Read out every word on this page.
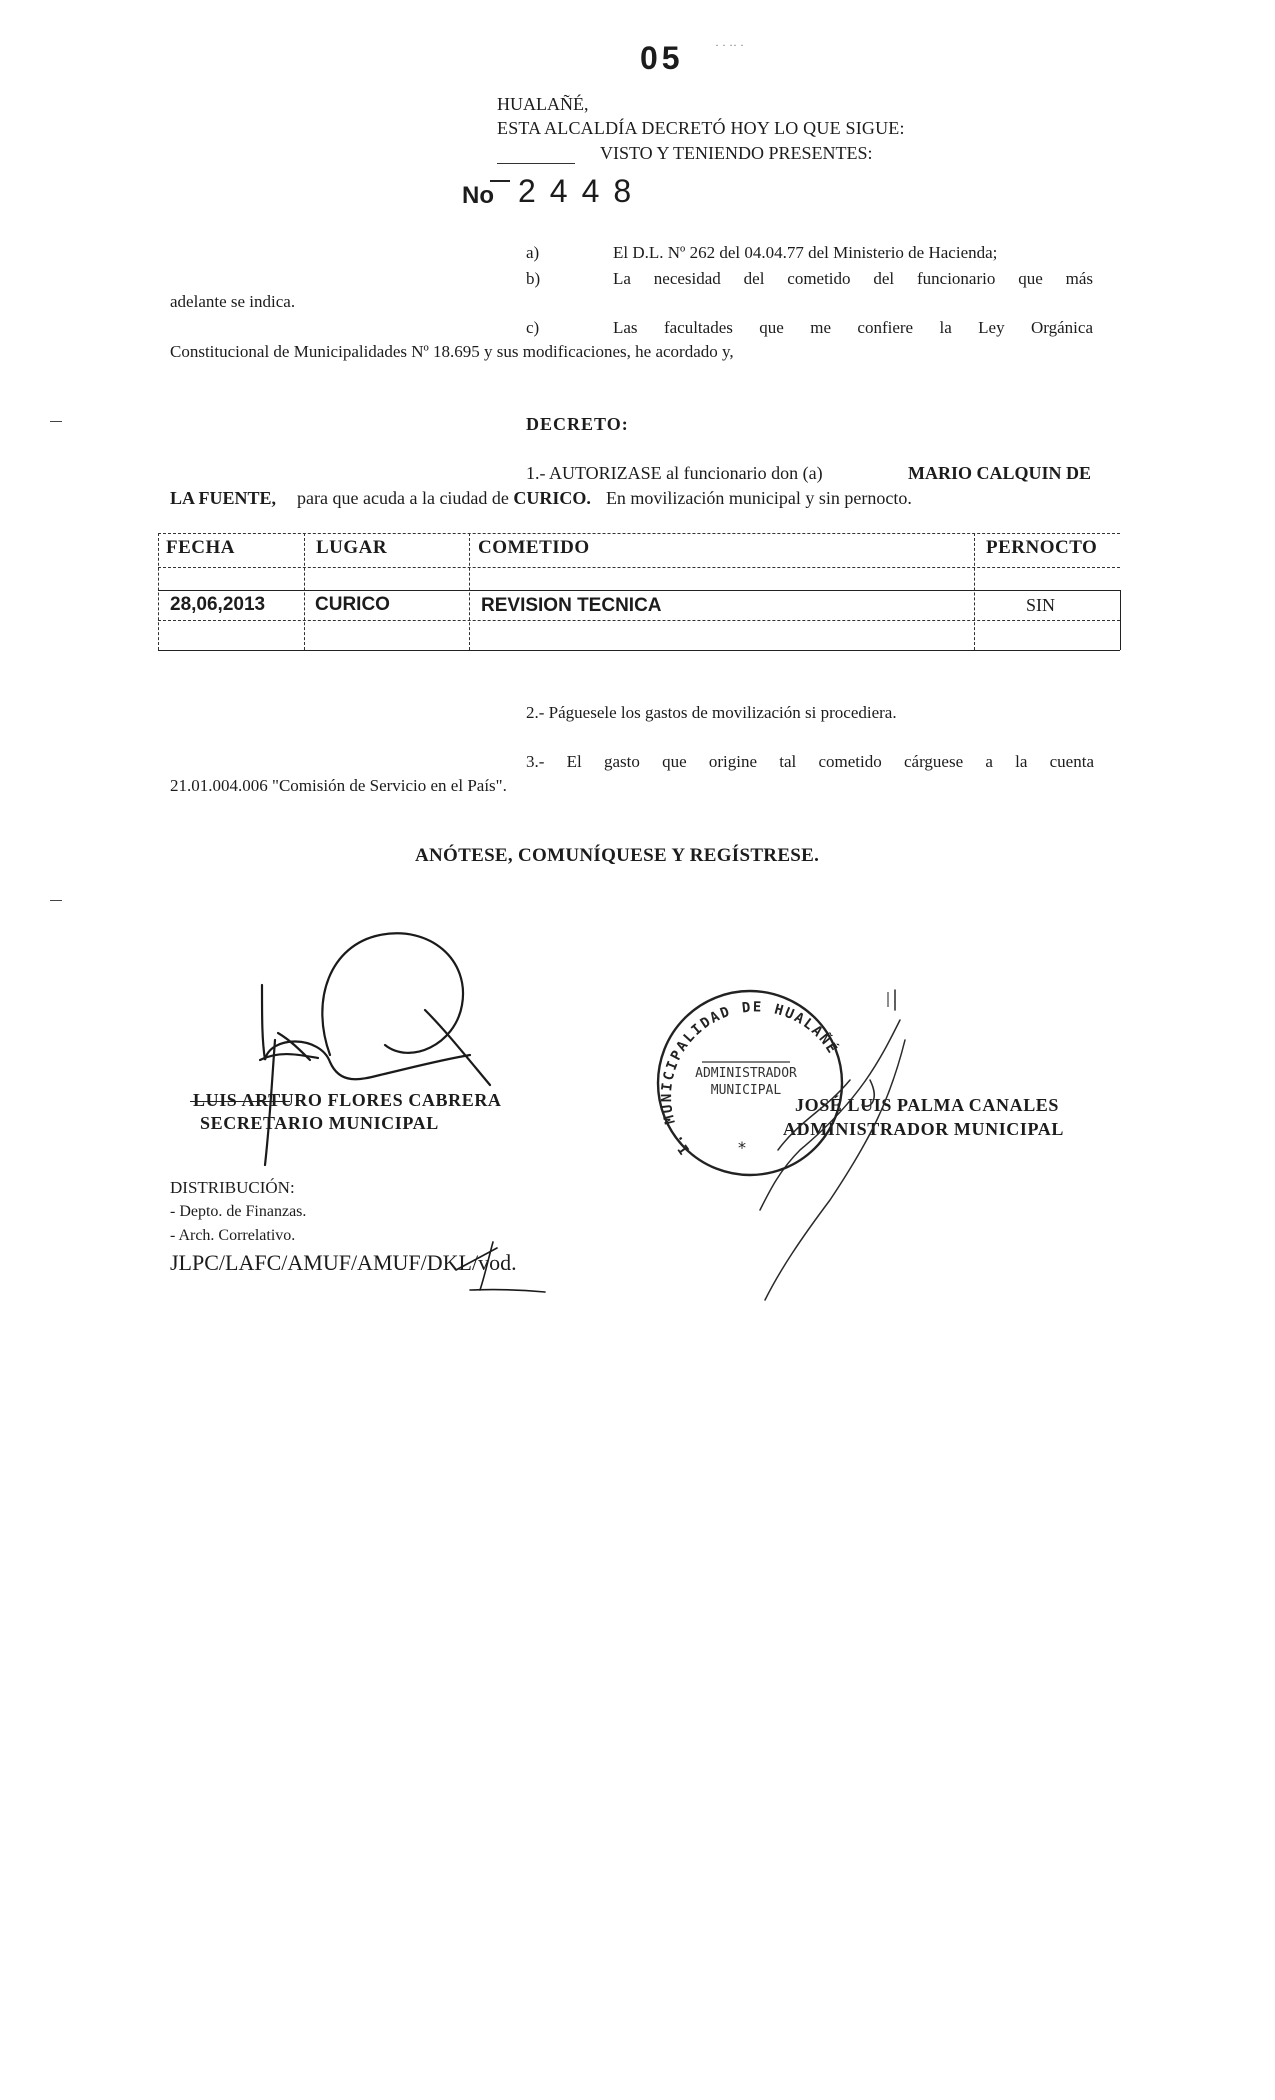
05	· · ·· ·
HUALAÑÉ,
ESTA ALCALDÍA DECRETÓ HOY LO QUE SIGUE:
VISTO Y TENIENDO PRESENTES:
No 2448
a)	El D.L. Nº 262 del 04.04.77 del Ministerio de Hacienda;
b)	La necesidad del cometido del funcionario que más
adelante se indica.
c)	Las facultades que me confiere la Ley Orgánica
Constitucional de Municipalidades Nº 18.695 y sus modificaciones, he acordado y,
DECRETO:
1.- AUTORIZASE al funcionario don (a)	MARIO CALQUIN DE
LA FUENTE, para que acuda a la ciudad de CURICO. En movilización municipal y sin pernocto.
FECHA	LUGAR	COMETIDO	PERNOCTO
28,06,2013	CURICO	REVISION TECNICA	SIN
2.- Páguesele los gastos de movilización si procediera.
3.- El gasto que origine tal cometido cárguese a la cuenta
21.01.004.006 "Comisión de Servicio en el País".
ANÓTESE, COMUNÍQUESE Y REGÍSTRESE.
LUIS ARTURO FLORES CABRERA
SECRETARIO MUNICIPAL
JOSÉ LUIS PALMA CANALES
ADMINISTRADOR MUNICIPAL
I. MUNICIPALIDAD DE HUALAÑÉ
ADMINISTRADOR
MUNICIPAL
*
DISTRIBUCIÓN:
- Depto. de Finanzas.
- Arch. Correlativo.
JLPC/LAFC/AMUF/AMUF/DKL/vod.
